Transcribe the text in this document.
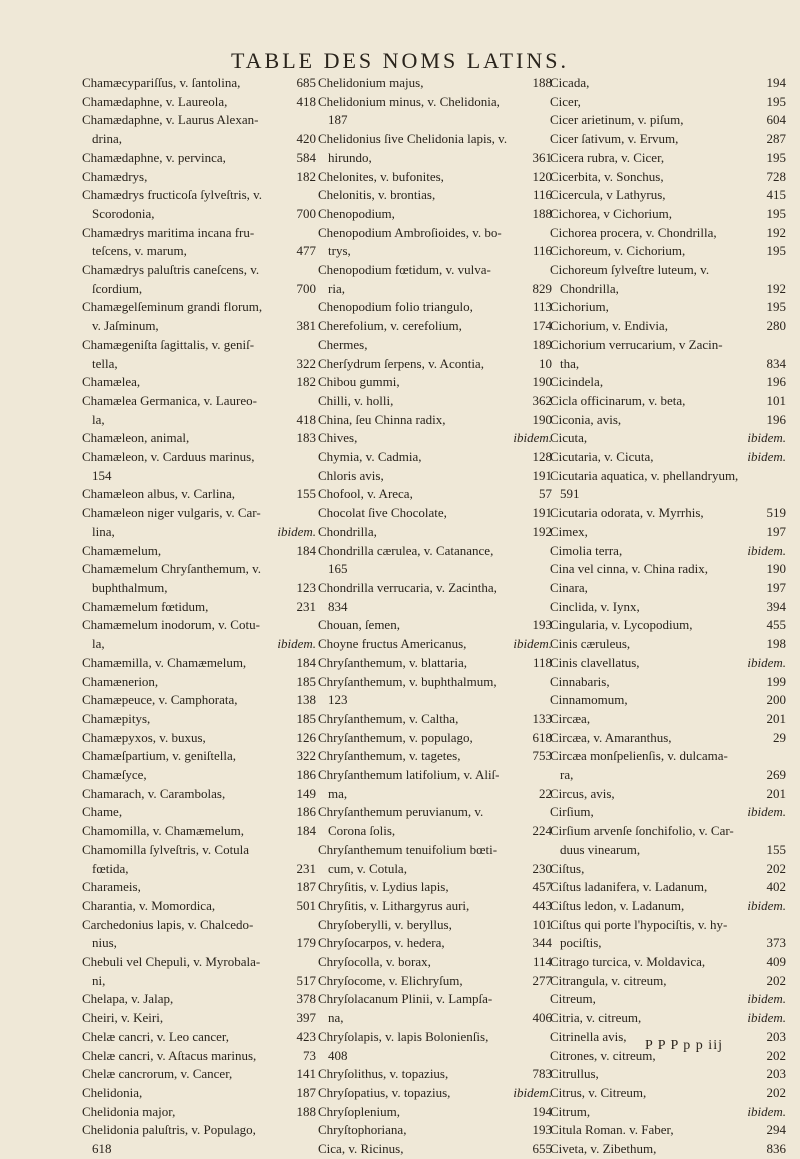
TABLE DES NOMS LATINS.
685
Chamæcypariſſus, v. ſantolina,
418
Chamædaphne, v. Laureola,
Chamædaphne, v. Laurus Alexan-
420
drina,
584
Chamædaphne, v. pervinca,
182
Chamædrys,
Chamædrys fructicoſa ſylveſtris, v.
700
Scorodonia,
Chamædrys maritima incana fru-
477
teſcens, v. marum,
Chamædrys paluſtris caneſcens, v.
700
ſcordium,
Chamægelſeminum grandi florum,
381
v. Jaſminum,
Chamægeniſta ſagittalis, v. geniſ-
322
tella,
182
Chamælea,
Chamælea Germanica, v. Laureo-
418
la,
183
Chamæleon, animal,
Chamæleon, v. Carduus marinus,
154
155
Chamæleon albus, v. Carlina,
Chamæleon niger vulgaris, v. Car-
ibidem.
lina,
184
Chamæmelum,
Chamæmelum Chryſanthemum, v.
123
buphthalmum,
231
Chamæmelum fœtidum,
Chamæmelum inodorum, v. Cotu-
ibidem.
la,
184
Chamæmilla, v. Chamæmelum,
185
Chamænerion,
138
Chamæpeuce, v. Camphorata,
185
Chamæpitys,
126
Chamæpyxos, v. buxus,
322
Chamæſpartium, v. geniſtella,
186
Chamæſyce,
149
Chamarach, v. Carambolas,
186
Chame,
184
Chamomilla, v. Chamæmelum,
Chamomilla ſylveſtris, v. Cotula
231
fœtida,
187
Charameis,
501
Charantia, v. Momordica,
Carchedonius lapis, v. Chalcedo-
179
nius,
Chebuli vel Chepuli, v. Myrobala-
517
ni,
378
Chelapa, v. Jalap,
397
Cheiri, v. Keiri,
423
Chelæ cancri, v. Leo cancer,
73
Chelæ cancri, v. Aſtacus marinus,
141
Chelæ cancrorum, v. Cancer,
187
Chelidonia,
188
Chelidonia major,
Chelidonia paluſtris, v. Populago,
618
188
Chelidonium majus,
Chelidonium minus, v. Chelidonia,
187
Chelidonius ſive Chelidonia lapis, v.
361
hirundo,
120
Chelonites, v. bufonites,
116
Chelonitis, v. brontias,
188
Chenopodium,
Chenopodium Ambroſioides, v. bo-
116
trys,
Chenopodium fœtidum, v. vulva-
829
ria,
113
Chenopodium folio triangulo,
174
Cherefolium, v. cerefolium,
189
Chermes,
10
Cherſydrum ſerpens, v. Acontia,
190
Chibou gummi,
362
Chilli, v. holli,
190
China, ſeu Chinna radix,
ibidem.
Chives,
128
Chymia, v. Cadmia,
191
Chloris avis,
57
Chofool, v. Areca,
191
Chocolat ſive Chocolate,
192
Chondrilla,
Chondrilla cærulea, v. Catanance,
165
Chondrilla verrucaria, v. Zacintha,
834
193
Chouan, ſemen,
ibidem.
Choyne fructus Americanus,
118
Chryſanthemum, v. blattaria,
Chryſanthemum, v. buphthalmum,
123
133
Chryſanthemum, v. Caltha,
618
Chryſanthemum, v. populago,
753
Chryſanthemum, v. tagetes,
Chryſanthemum latifolium, v. Aliſ-
22
ma,
Chryſanthemum peruvianum, v.
224
Corona ſolis,
Chryſanthemum tenuifolium bœti-
230
cum, v. Cotula,
457
Chryſitis, v. Lydius lapis,
443
Chryſitis, v. Lithargyrus auri,
101
Chryſoberylli, v. beryllus,
344
Chryſocarpos, v. hedera,
114
Chryſocolla, v. borax,
277
Chryſocome, v. Elichryſum,
Chryſolacanum Plinii, v. Lampſa-
406
na,
Chryſolapis, v. lapis Bolonienſis,
408
783
Chryſolithus, v. topazius,
ibidem.
Chryſopatius, v. topazius,
194
Chryſoplenium,
193
Chryſtophoriana,
655
Cica, v. Ricinus,
194
Cicada,
195
Cicer,
604
Cicer arietinum, v. piſum,
287
Cicer ſativum, v. Ervum,
195
Cicera rubra, v. Cicer,
728
Cicerbita, v. Sonchus,
415
Cicercula, v Lathyrus,
195
Cichorea, v Cichorium,
192
Cichorea procera, v. Chondrilla,
195
Cichoreum, v. Cichorium,
Cichoreum ſylveſtre luteum, v.
192
Chondrilla,
195
Cichorium,
280
Cichorium, v. Endivia,
Cichorium verrucarium, v Zacin-
834
tha,
196
Cicindela,
101
Cicla officinarum, v. beta,
196
Ciconia, avis,
ibidem.
Cicuta,
ibidem.
Cicutaria, v. Cicuta,
Cicutaria aquatica, v. phellandryum,
591
519
Cicutaria odorata, v. Myrrhis,
197
Cimex,
ibidem.
Cimolia terra,
190
Cina vel cinna, v. China radix,
197
Cinara,
394
Cinclida, v. Iynx,
455
Cingularia, v. Lycopodium,
198
Cinis cæruleus,
ibidem.
Cinis clavellatus,
199
Cinnabaris,
200
Cinnamomum,
201
Circæa,
29
Circæa, v. Amaranthus,
Circæa monſpelienſis, v. dulcama-
269
ra,
201
Circus, avis,
ibidem.
Cirſium,
Cirſium arvenſe ſonchifolio, v. Car-
155
duus vinearum,
202
Ciſtus,
402
Ciſtus ladanifera, v. Ladanum,
ibidem.
Ciſtus ledon, v. Ladanum,
Ciſtus qui porte l'hypociſtis, v. hy-
373
pociſtis,
409
Citrago turcica, v. Moldavica,
202
Citrangula, v. citreum,
ibidem.
Citreum,
ibidem.
Citria, v. citreum,
203
Citrinella avis,
202
Citrones, v. citreum,
203
Citrullus,
202
Citrus, v. Citreum,
ibidem.
Citrum,
294
Citula Roman. v. Faber,
836
Civeta, v. Zibethum,
P P P p p iij
